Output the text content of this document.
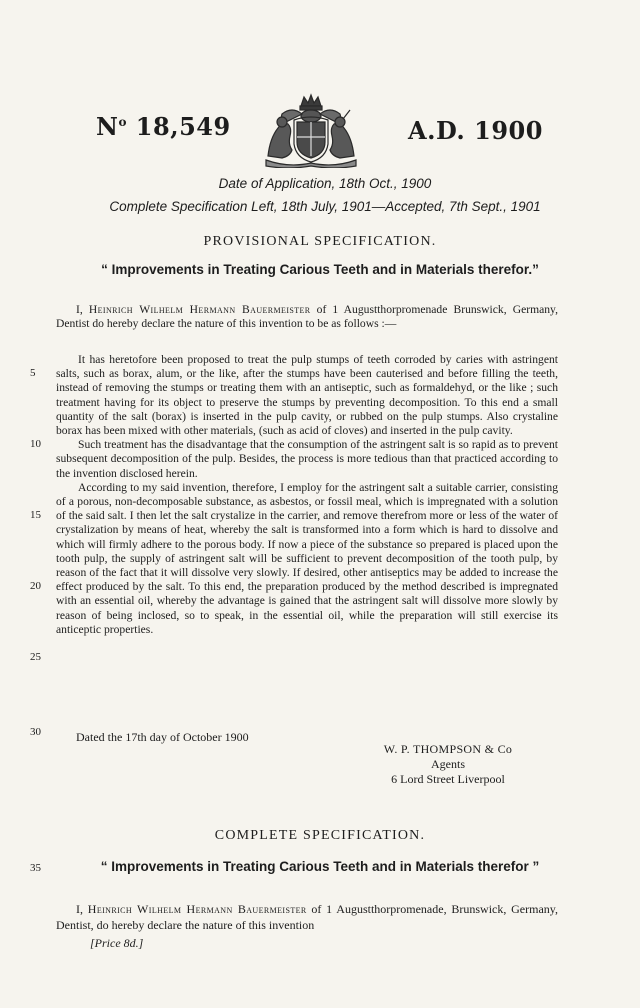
$N^o$ 18,549	A.D. 1900
Date of Application, 18th Oct., 1900
Complete Specification Left, 18th July, 1901—Accepted, 7th Sept., 1901
PROVISIONAL SPECIFICATION.
“ Improvements in Treating Carious Teeth and in Materials therefor.”

I, Heinrich Wilhelm Hermann Bauermeister of 1 Augustthorpromenade Brunswick, Germany, Dentist do hereby declare the nature of this invention to be as follows :—

It has heretofore been proposed to treat the pulp stumps of teeth corroded by caries with astringent salts, such as borax, alum, or the like, after the stumps have been cauterised and before filling the teeth, instead of removing the stumps or treating them with an antiseptic, such as formaldehyd, or the like ; such treatment having for its object to preserve the stumps by preventing decomposition. To this end a small quantity of the salt (borax) is inserted in the pulp cavity, or rubbed on the pulp stumps. Also crystaline borax has been mixed with other materials, (such as acid of cloves) and inserted in the pulp cavity.

Such treatment has the disadvantage that the consumption of the astringent salt is so rapid as to prevent subsequent decomposition of the pulp. Besides, the process is more tedious than that practiced according to the invention disclosed herein.

According to my said invention, therefore, I employ for the astringent salt a suitable carrier, consisting of a porous, non-decomposable substance, as asbestos, or fossil meal, which is impregnated with a solution of the said salt. I then let the salt crystalize in the carrier, and remove therefrom more or less of the water of crystalization by means of heat, whereby the salt is transformed into a form which is hard to dissolve and which will firmly adhere to the porous body. If now a piece of the substance so prepared is placed upon the tooth pulp, the supply of astringent salt will be sufficient to prevent decomposition of the tooth pulp, by reason of the fact that it will dissolve very slowly. If desired, other antiseptics may be added to increase the effect produced by the salt. To this end, the preparation produced by the method described is impregnated with an essential oil, whereby the advantage is gained that the astringent salt will dissolve more slowly by reason of being inclosed, so to speak, in the essential oil, while the preparation will still exercise its anticeptic properties.

5
10
15
20
25
30
35
Dated the 17th day of October 1900
W. P. THOMPSON & Co
Agents
6 Lord Street Liverpool
COMPLETE SPECIFICATION.
“ Improvements in Treating Carious Teeth and in Materials therefor ”

I, Heinrich Wilhelm Hermann Bauermeister of 1 Augustthorpromenade, Brunswick, Germany, Dentist, do hereby declare the nature of this invention

[Price 8d.]
